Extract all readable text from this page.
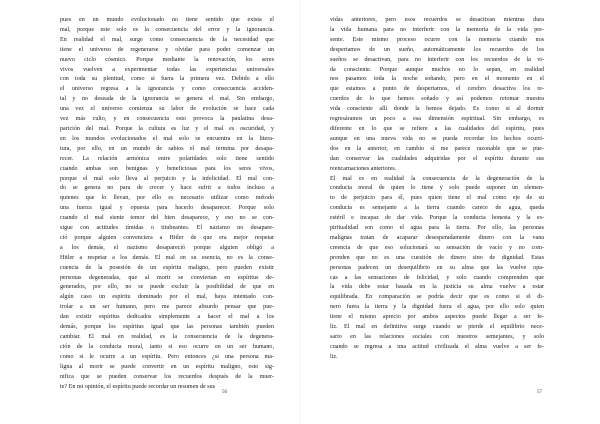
pues en un mundo evolucionado no tiene sentido que exista el
mal, porque este solo es la consecuencia del error y la ignorancia.
En realidad el mal, surge como consecuencia de la necesidad que
tiene el universo de regenerarse y olvidar para poder comenzar un
nuevo ciclo cósmico. Porque mediante la renovación, los seres
vivos vuelven a experimentar todas las experiencias universales
con toda su plenitud, como si fuera la primera vez. Debido a ello
el universo regresa a la ignorancia y como consecuencia acciden-
tal y no deseada de la ignorancia se genera el mal. Sin embargo,
una vez el universo comienza su labor de evolución se hace cada
vez más culto, y en consecuencia esto provoca la paulatina desa-
parición del mal. Porque la cultura es luz y el mal es oscuridad, y
en los mundos evolucionados el mal solo se encuentra en la litera-
tura, por ello, en un mundo de sabios el mal termina por desapa-
recer. La relación armónica entre polaridades solo tiene sentido
cuando ambas son benignas y beneficiosas para los seres vivos,
porque el mal solo lleva al perjuicio y la infelicidad. El mal con-
do se genera no para de crecer y hace sufrir a todos incluso a
quienes que lo llevan, por ello es necesario utilizar como método
una fuerza igual y opuesta para hacerlo desaparecer. Porque solo
cuando el mal siente temor del bien desaparece, y eso no se con-
sigue con actitudes tímidas o titubeantes. El nazismo no desapare-
ció porque alguien convenciera a Hitler de que era mejor respetar
a los demás, el nazismo desapareció porque alguien obligó a
Hitler a respetar a los demás. El mal en su esencia, no es la conse-
cuencia de la posesión de un espíritu maligno, pero pueden existir
personas degeneradas, que al morir se conviertan en espíritus de-
generados, por ello, no se puede excluir la posibilidad de que en
algún caso un espíritu dominado por el mal, haya intentado con-
trolar a un ser humano, pero me parece absurdo pensar que pue-
dan existir espíritus dedicados simplemente a hacer el mal a los
demás, porque los espíritus igual que las personas también pueden
cambiar. El mal en realidad, es la consecuencia de la degenera-
ción de la conducta moral, tanto si eso ocurre en un ser humano,
como si le ocurre a un espíritu. Pero entonces ¿si una persona ma-
ligna al morir se puede convertir en un espíritu maligno, esto sig-
nifica que se pueden conservar los recuerdos después de la muer-
te? En mi opinión, el espíritu puede recordar un resumen de sus
56
vidas anteriores, pero esos recuerdos se desactivan mientras dura
la vida humana para no interferir con la memoria de la vida pre-
sente. Este mismo proceso ocurre con la memoria cuando nos
despertamos de un sueño, automáticamente los recuerdos de los
sueños se desactivan, para no interferir con los recuerdos de la vi-
da consciente. Porque aunque muchos no lo sepan, en realidad
nos pasamos toda la noche soñando, pero en el momento en el
que estamos a punto de despertarnos, el cerebro desactiva los re-
cuerdos de lo que hemos soñado y así podemos retomar nuestra
vida consciente allí donde la hemos dejado. Es como si al dormir
regresáramos un poco a esa dimensión espiritual. Sin embargo, es
diferente en lo que se refiere a las cualidades del espíritu, pues
aunque en una nueva vida no se pueda recordar los hechos ocurri-
dos en la anterior, en cambio sí me parece razonable que se pue-
dan conservar las cualidades adquiridas por el espíritu durante sus
reencarnaciones anteriores.
El mal es en realidad la consecuencia de la degeneración de la
conducta moral de quien lo tiene y solo puede suponer un elemen-
to de perjuicio para él, pues quien tiene el mal como eje de su
conducta es semejante a la tierra cuando carece de agua, queda
estéril e incapaz de dar vida. Porque la conducta honesta y la es-
piritualidad son como el agua para la tierra. Por ello, las personas
malignas tratan de acaparar desesperadamente dinero con la vana
creencia de que eso solucionará su sensación de vacío y no com-
prenden que no es una cuestión de dinero sino de dignidad. Estas
personas padecen un desequilibrio en su alma que las vuelve opa-
cas a las sensaciones de felicidad, y solo cuando comprenden que
la vida debe estar basada en la justicia su alma vuelve a estar
equilibrada. En comparación se podría decir que es como si el di-
nero fuera la tierra y la dignidad fuera el agua, por ello solo quien
tiene el mismo aprecio por ambos aspectos puede llegar a ser fe-
liz. El mal en definitiva surge cuando se pierde el equilibrio nece-
sario en las relaciones sociales con nuestros semejantes, y solo
cuando se regresa a una actitud civilizada el alma vuelve a ser fe-
liz.
57
